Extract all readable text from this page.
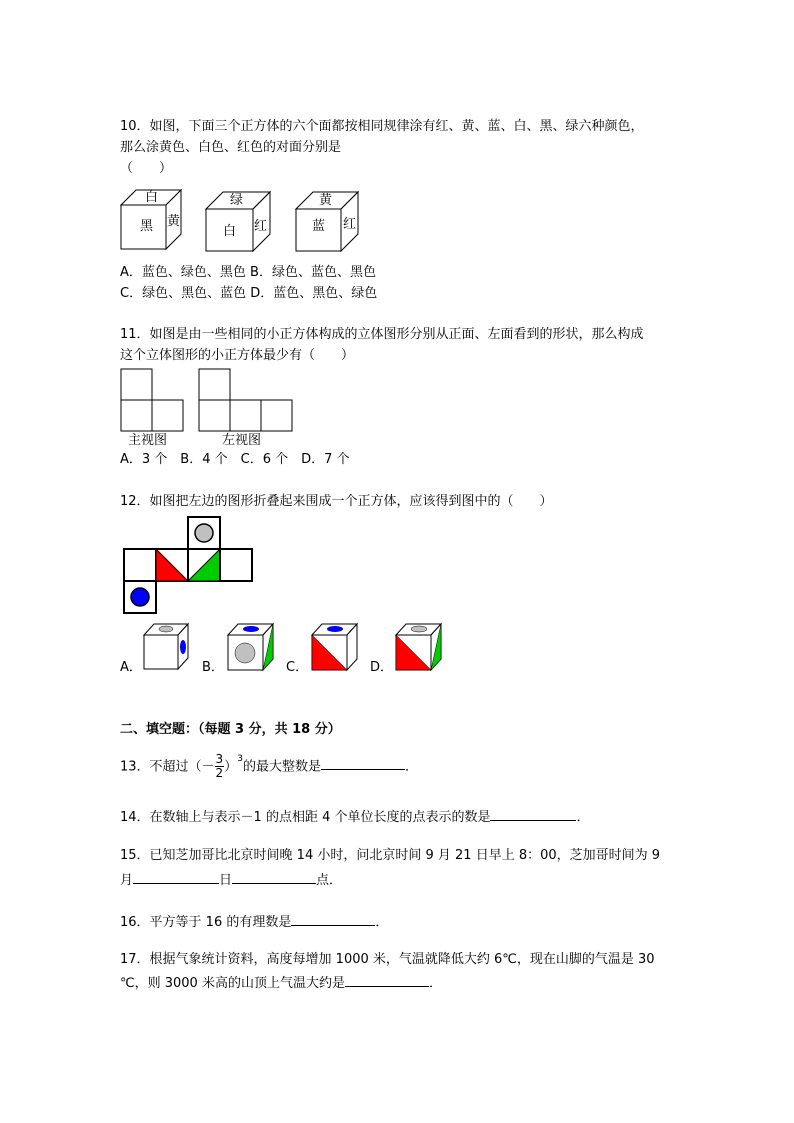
10．如图，下面三个正方体的六个面都按相同规律涂有红、黄、蓝、白、黑、绿六种颜色，
那么涂黄色、白色、红色的对面分别是
（　　）
白
黑 黄
绿
白 红
黄
蓝 红
A．蓝色、绿色、黑色 B．绿色、蓝色、黑色
C．绿色、黑色、蓝色 D．蓝色、黑色、绿色
11．如图是由一些相同的小正方体构成的立体图形分别从正面、左面看到的形状，那么构成
这个立体图形的小正方体最少有（　　）
主视图	左视图
A．3 个　B．4 个　C．6 个　D．7 个
12．如图把左边的图形折叠起来围成一个正方体，应该得到图中的（　　）
A．	B．	C．	D．
二、填空题：（每题 3 分，共 18 分）
13．不超过（－ $\frac{3}{2} )^3$的最大整数是	．
14．在数轴上与表示－1 的点相距 4 个单位长度的点表示的数是	．
15．已知芝加哥比北京时间晚 14 小时，问北京时间 9 月 21 日早上 8：00，芝加哥时间为 9
月	日	点．
16．平方等于 16 的有理数是	．
17．根据气象统计资料，高度每增加 1000 米，气温就降低大约 6℃，现在山脚的气温是 30
℃，则 3000 米高的山顶上气温大约是	．
